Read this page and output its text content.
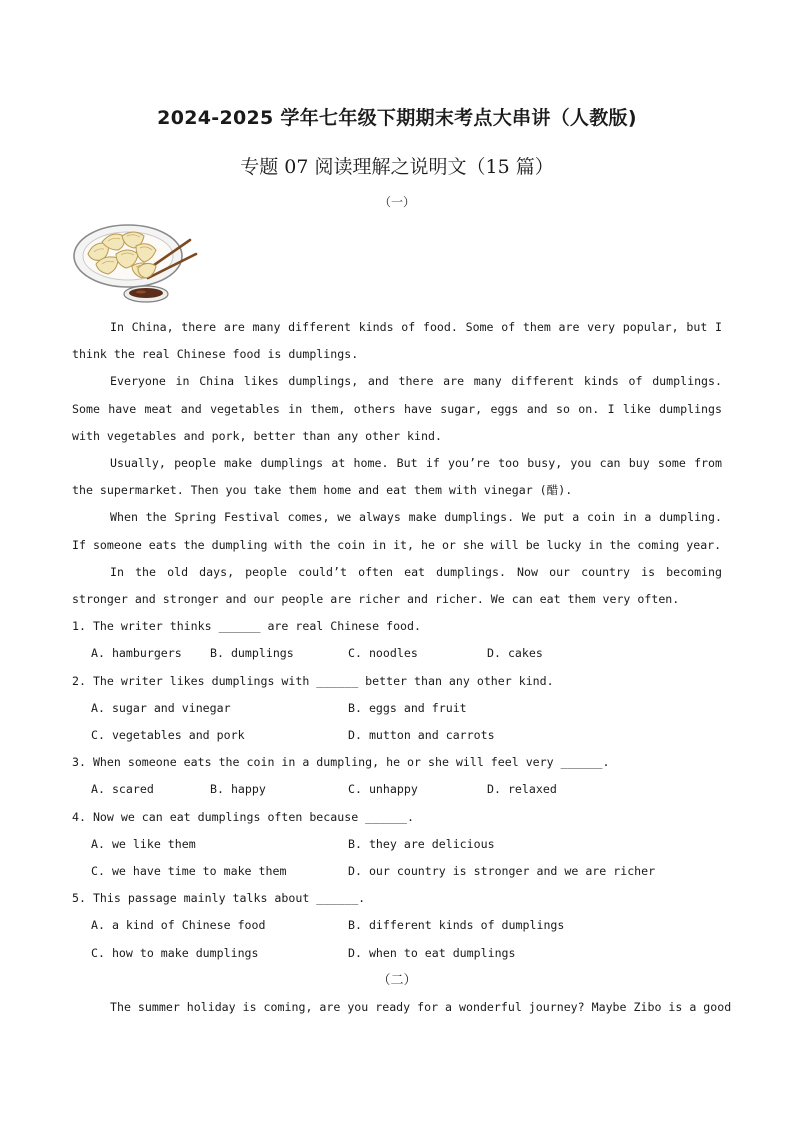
2024-2025 学年七年级下期期末考点大串讲（人教版)
专题 07 阅读理解之说明文（15 篇）
（一）

In China, there are many different kinds of food. Some of them are very popular, but I think the real Chinese food is dumplings.

Everyone in China likes dumplings, and there are many different kinds of dumplings. Some have meat and vegetables in them, others have sugar, eggs and so on. I like dumplings with vegetables and pork, better than any other kind.

Usually, people make dumplings at home. But if you’re too busy, you can buy some from the supermarket. Then you take them home and eat them with vinegar (醋).

When the Spring Festival comes, we always make dumplings. We put a coin in a dumpling. If someone eats the dumpling with the coin in it, he or she will be lucky in the coming year.

In the old days, people could’t often eat dumplings. Now our country is becoming stronger and stronger and our people are richer and richer. We can eat them very often.

1. The writer thinks ______ are real Chinese food.

A. hamburgers	B. dumplings	C. noodles	D. cakes

2. The writer likes dumplings with ______ better than any other kind.

A. sugar and vinegar	B. eggs and fruit
C. vegetables and pork	D. mutton and carrots

3. When someone eats the coin in a dumpling, he or she will feel very ______.

A. scared	B. happy	C. unhappy	D. relaxed

4. Now we can eat dumplings often because ______.

A. we like them	B. they are delicious
C. we have time to make them	D. our country is stronger and we are richer

5. This passage mainly talks about ______.

A. a kind of Chinese food	B. different kinds of dumplings
C. how to make dumplings	D. when to eat dumplings

（二）

The summer holiday is coming, are you ready for a wonderful journey? Maybe Zibo is a good
